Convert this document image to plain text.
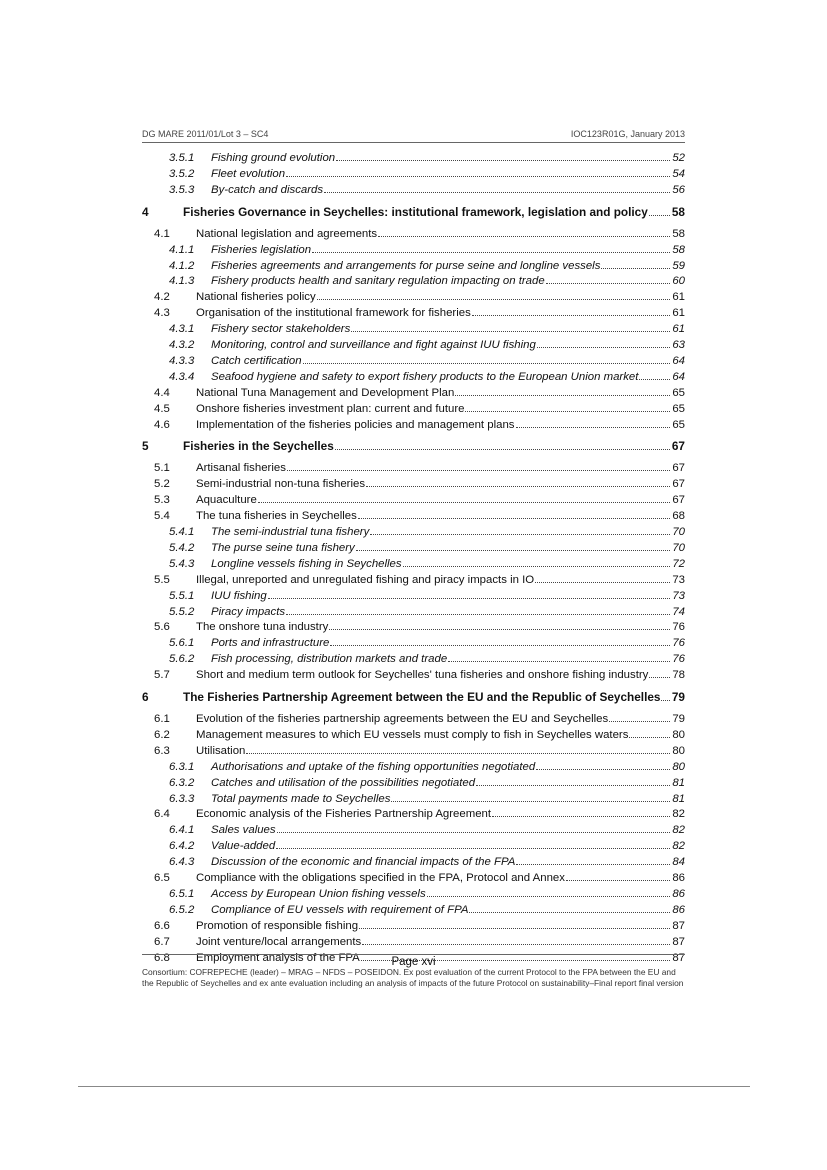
DG MARE 2011/01/Lot 3 – SC4	IOC123R01G, January 2013
3.5.1 Fishing ground evolution	52
3.5.2 Fleet evolution	54
3.5.3 By-catch and discards	56
4	Fisheries Governance in Seychelles: institutional framework, legislation and policy 58
4.1 National legislation and agreements	58
4.1.1 Fisheries legislation	58
4.1.2 Fisheries agreements and arrangements for purse seine and longline vessels	59
4.1.3 Fishery products health and sanitary regulation impacting on trade	60
4.2 National fisheries policy	61
4.3 Organisation of the institutional framework for fisheries	61
4.3.1 Fishery sector stakeholders	61
4.3.2 Monitoring, control and surveillance and fight against IUU fishing	63
4.3.3 Catch certification	64
4.3.4 Seafood hygiene and safety to export fishery products to the European Union market	64
4.4 National Tuna Management and Development Plan	65
4.5 Onshore fisheries investment plan: current and future	65
4.6 Implementation of the fisheries policies and management plans	65
5	Fisheries in the Seychelles	67
5.1 Artisanal fisheries	67
5.2 Semi-industrial non-tuna fisheries	67
5.3 Aquaculture	67
5.4 The tuna fisheries in Seychelles	68
5.4.1 The semi-industrial tuna fishery	70
5.4.2 The purse seine tuna fishery	70
5.4.3 Longline vessels fishing in Seychelles	72
5.5 Illegal, unreported and unregulated fishing and piracy impacts in IO	73
5.5.1 IUU fishing	73
5.5.2 Piracy impacts	74
5.6 The onshore tuna industry	76
5.6.1 Ports and infrastructure	76
5.6.2 Fish processing, distribution markets and trade	76
5.7 Short and medium term outlook for Seychelles' tuna fisheries and onshore fishing industry 78
6	The Fisheries Partnership Agreement between the EU and the Republic of Seychelles 79
6.1 Evolution of the fisheries partnership agreements between the EU and Seychelles	79
6.2 Management measures to which EU vessels must comply to fish in Seychelles waters	80
6.3 Utilisation	80
6.3.1 Authorisations and uptake of the fishing opportunities negotiated	80
6.3.2 Catches and utilisation of the possibilities negotiated	81
6.3.3 Total payments made to Seychelles	81
6.4 Economic analysis of the Fisheries Partnership Agreement	82
6.4.1 Sales values	82
6.4.2 Value-added	82
6.4.3 Discussion of the economic and financial impacts of the FPA	84
6.5 Compliance with the obligations specified in the FPA, Protocol and Annex	86
6.5.1 Access by European Union fishing vessels	86
6.5.2 Compliance of EU vessels with requirement of FPA	86
6.6 Promotion of responsible fishing	87
6.7 Joint venture/local arrangements	87
6.8 Employment analysis of the FPA	87
Page xvi
Consortium: COFREPECHE (leader) – MRAG – NFDS – POSEIDON. Ex post evaluation of the current Protocol to the FPA between the EU and the Republic of Seychelles and ex ante evaluation including an analysis of impacts of the future Protocol on sustainability–Final report final version
